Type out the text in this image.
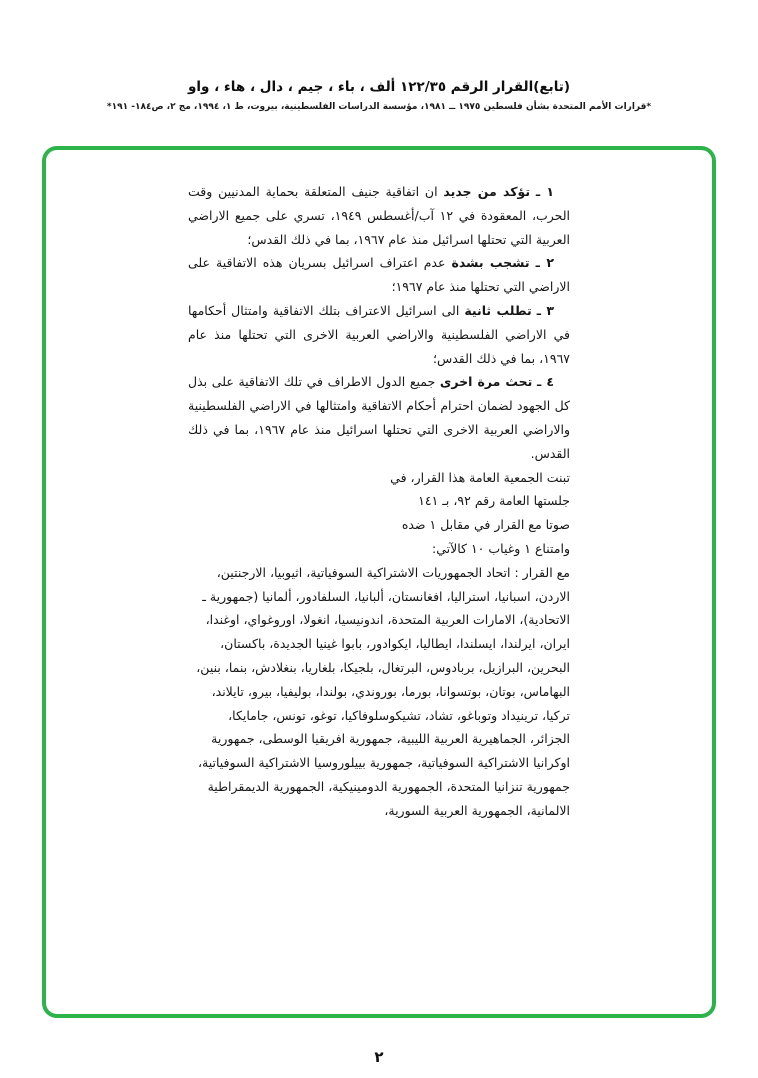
(تابع)القرار الرقم ١٢٢/٣٥ ألف ، باء ، جيم ، دال ، هاء ، واو
*قرارات الأمم المتحدة بشأن فلسطين ١٩٧٥ ــ ١٩٨١، مؤسسة الدراسات الفلسطينية، بيروت، ط ١، ١٩٩٤، مج ٢، ص١٨٤- ١٩١*

١ ـ تؤكد من جديد ان اتفاقية جنيف المتعلقة بحماية المدنيين وقت الحرب، المعقودة في ١٢ آب/أغسطس ١٩٤٩، تسري على جميع الاراضي العربية التي تحتلها اسرائيل منذ عام ١٩٦٧، بما في ذلك القدس؛

٢ ـ تشجب بشدة عدم اعتراف اسرائيل بسريان هذه الاتفاقية على الاراضي التي تحتلها منذ عام ١٩٦٧؛

٣ ـ تطلب ثانية الى اسرائيل الاعتراف بتلك الاتفاقية وامتثال أحكامها في الاراضي الفلسطينية والاراضي العربية الاخرى التي تحتلها منذ عام ١٩٦٧، بما في ذلك القدس؛

٤ ـ تحث مرة اخرى جميع الدول الاطراف في تلك الاتفاقية على بذل كل الجهود لضمان احترام أحكام الاتفاقية وامتثالها في الاراضي الفلسطينية والاراضي العربية الاخرى التي تحتلها اسرائيل منذ عام ١٩٦٧، بما في ذلك القدس.

تبنت الجمعية العامة هذا القرار، في
جلستها العامة رقم ٩٢، بـ ١٤١
صوتا مع القرار في مقابل ١ ضده
وامتناع ١ وغياب ١٠ كالآتي:

مع القرار : اتحاد الجمهوريات الاشتراكية السوفياتية، اثيوبيا، الارجنتين، الاردن، اسبانيا، استراليا، افغانستان، ألبانيا، السلفادور، ألمانيا (جمهورية ـ الاتحادية)، الامارات العربية المتحدة، اندونيسيا، انغولا، اوروغواي، اوغندا، ايران، ايرلندا، ايسلندا، ايطاليا، ايكوادور، بابوا غينيا الجديدة، باكستان، البحرين، البرازيل، بربادوس، البرتغال، بلجيكا، بلغاريا، بنغلادش، بنما، بنين، البهاماس، بوتان، بوتسوانا، بورما، بوروندي، بولندا، بوليفيا، بيرو، تايلاند، تركيا، ترينيداد وتوباغو، تشاد، تشيكوسلوفاكيا، توغو، تونس، جامايكا، الجزائر، الجماهيرية العربية الليبية، جمهورية افريقيا الوسطى، جمهورية اوكرانيا الاشتراكية السوفياتية، جمهورية بييلوروسيا الاشتراكية السوفياتية، جمهورية تنزانيا المتحدة، الجمهورية الدومينيكية، الجمهورية الديمقراطية الالمانية، الجمهورية العربية السورية،

٢
